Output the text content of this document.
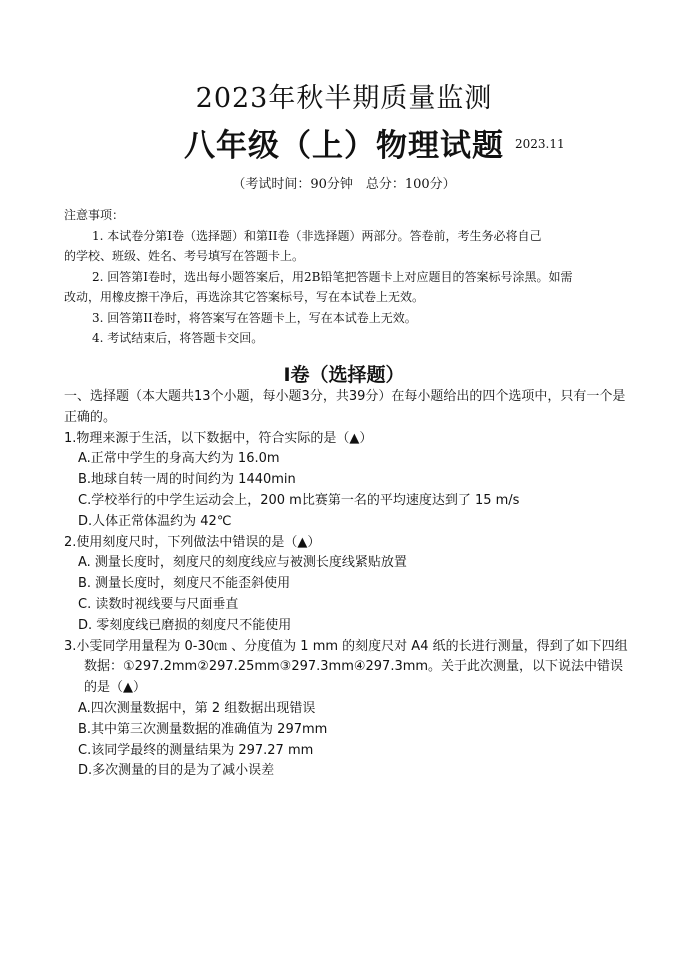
2023年秋半期质量监测
八年级（上）物理试题 2023.11
（考试时间：90分钟　总分：100分）

注意事项：

1. 本试卷分第I卷（选择题）和第II卷（非选择题）两部分。答卷前，考生务必将自己

的学校、班级、姓名、考号填写在答题卡上。

2. 回答第I卷时，选出每小题答案后，用2B铅笔把答题卡上对应题目的答案标号涂黑。如需

改动，用橡皮擦干净后，再选涂其它答案标号，写在本试卷上无效。

3. 回答第II卷时，将答案写在答题卡上，写在本试卷上无效。

4. 考试结束后，将答题卡交回。

I卷（选择题）

一、选择题（本大题共13个小题，每小题3分，共39分）在每小题给出的四个选项中，只有一个是正确的。

1.物理来源于生活，以下数据中，符合实际的是（▲）

A.正常中学生的身高大约为 16.0m

B.地球自转一周的时间约为 1440min

C.学校举行的中学生运动会上，200 m比赛第一名的平均速度达到了 15 m/s

D.人体正常体温约为 42℃

2.使用刻度尺时，下列做法中错误的是（▲）

A. 测量长度时，刻度尺的刻度线应与被测长度线紧贴放置

B. 测量长度时，刻度尺不能歪斜使用

C. 读数时视线要与尺面垂直

D. 零刻度线已磨损的刻度尺不能使用

3.小雯同学用量程为 0-30㎝ 、分度值为 1 mm 的刻度尺对 A4 纸的长进行测量，得到了如下四组数据：①297.2mm②297.25mm③297.3mm④297.3mm。关于此次测量，以下说法中错误的是（▲）

A.四次测量数据中，第 2 组数据出现错误

B.其中第三次测量数据的准确值为 297mm

C.该同学最终的测量结果为 297.27 mm

D.多次测量的目的是为了减小误差
